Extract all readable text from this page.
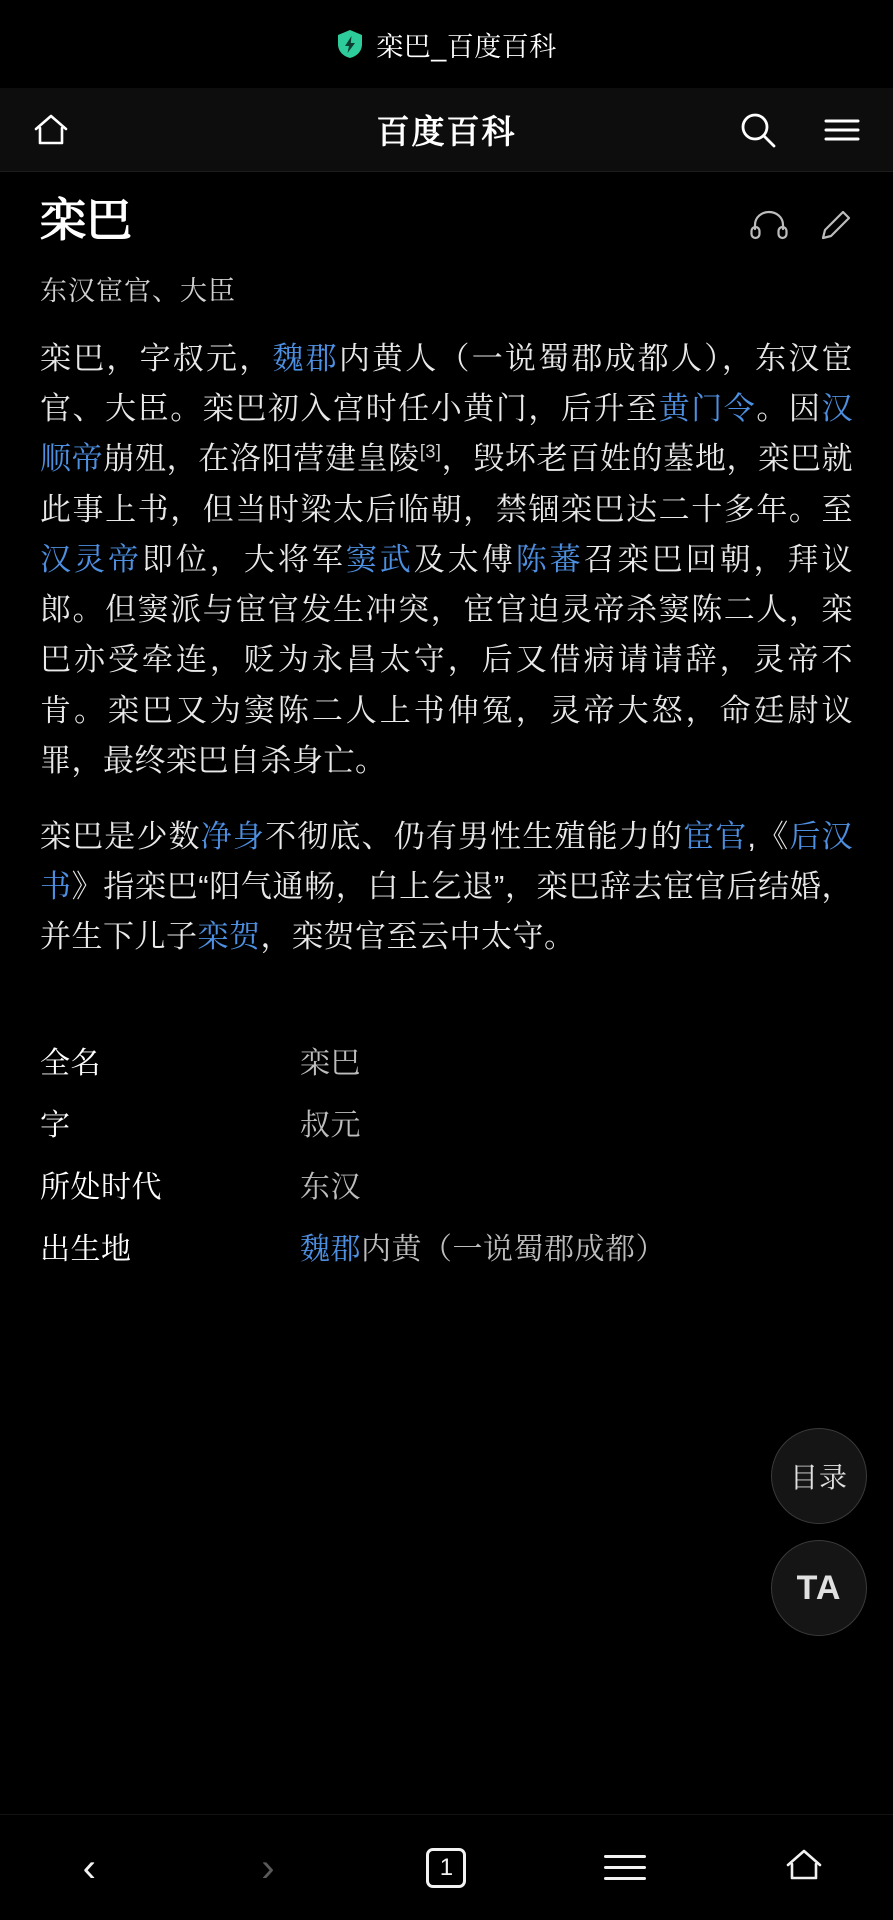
栾巴_百度百科
百度百科
栾巴
东汉宦官、大臣

栾巴，字叔元，魏郡内黄人（一说蜀郡成都人），东汉宦官、大臣。栾巴初入宫时任小黄门，后升至黄门令。因汉顺帝崩殂，在洛阳营建皇陵[3]，毁坏老百姓的墓地，栾巴就此事上书，但当时梁太后临朝，禁锢栾巴达二十多年。至汉灵帝即位，大将军窦武及太傅陈蕃召栾巴回朝，拜议郎。但窦派与宦官发生冲突，宦官迫灵帝杀窦陈二人，栾巴亦受牵连，贬为永昌太守，后又借病请请辞，灵帝不肯。栾巴又为窦陈二人上书伸冤，灵帝大怒，命廷尉议罪，最终栾巴自杀身亡。

栾巴是少数净身不彻底、仍有男性生殖能力的宦官,《后汉书》指栾巴“阳气通畅，白上乞退”，栾巴辞去宦官后结婚，并生下儿子栾贺，栾贺官至云中太守。

全名	栾巴
字	叔元
所处时代	东汉
出生地	魏郡内黄（一说蜀郡成都）
目录
TA
‹	›	1
